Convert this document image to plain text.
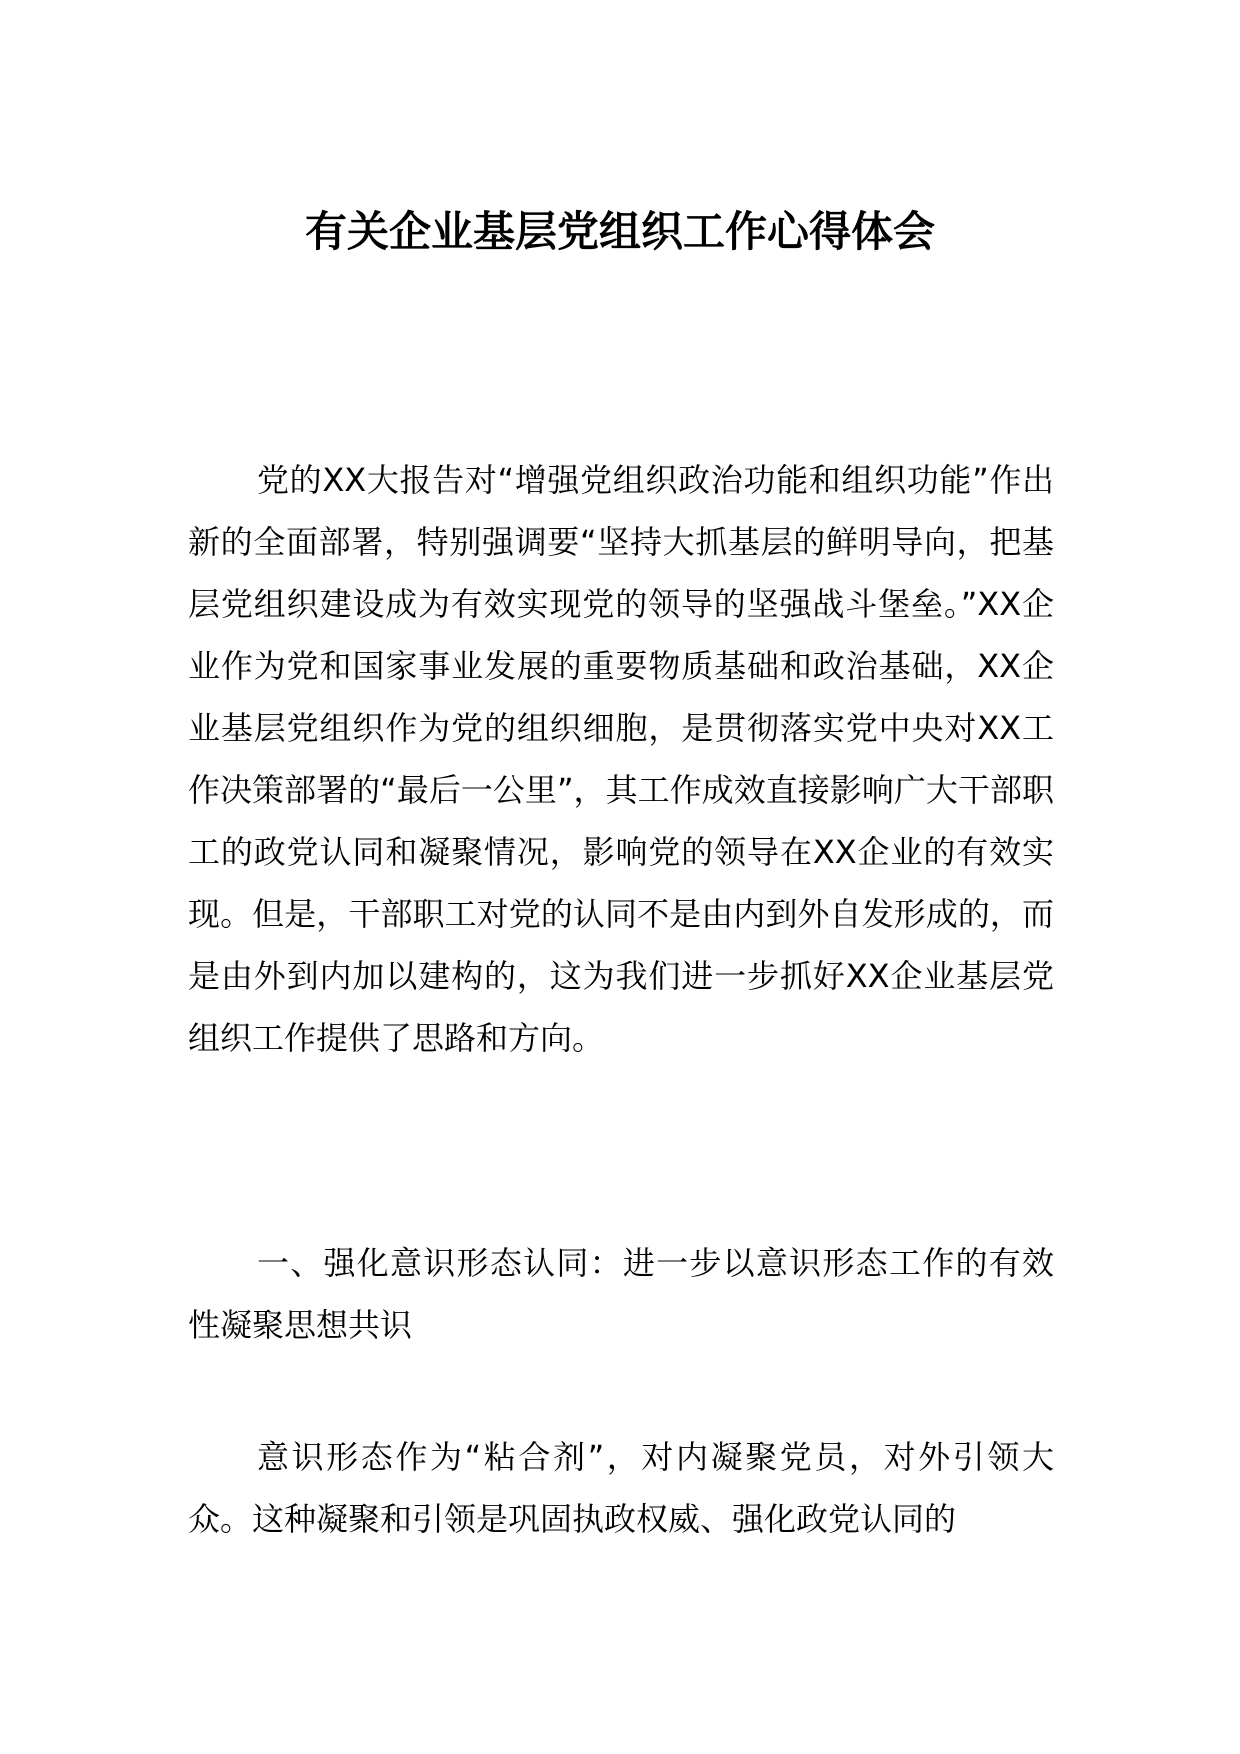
有关企业基层党组织工作心得体会

党的XX大报告对“增强党组织政治功能和组织功能”作出新的全面部署，特别强调要“坚持大抓基层的鲜明导向，把基层党组织建设成为有效实现党的领导的坚强战斗堡垒。”XX企业作为党和国家事业发展的重要物质基础和政治基础，XX企业基层党组织作为党的组织细胞，是贯彻落实党中央对XX工作决策部署的“最后一公里”，其工作成效直接影响广大干部职工的政党认同和凝聚情况，影响党的领导在XX企业的有效实现。但是，干部职工对党的认同不是由内到外自发形成的，而是由外到内加以建构的，这为我们进一步抓好XX企业基层党组织工作提供了思路和方向。

一、强化意识形态认同：进一步以意识形态工作的有效性凝聚思想共识

意识形态作为“粘合剂”，对内凝聚党员，对外引领大众。这种凝聚和引领是巩固执政权威、强化政党认同的
